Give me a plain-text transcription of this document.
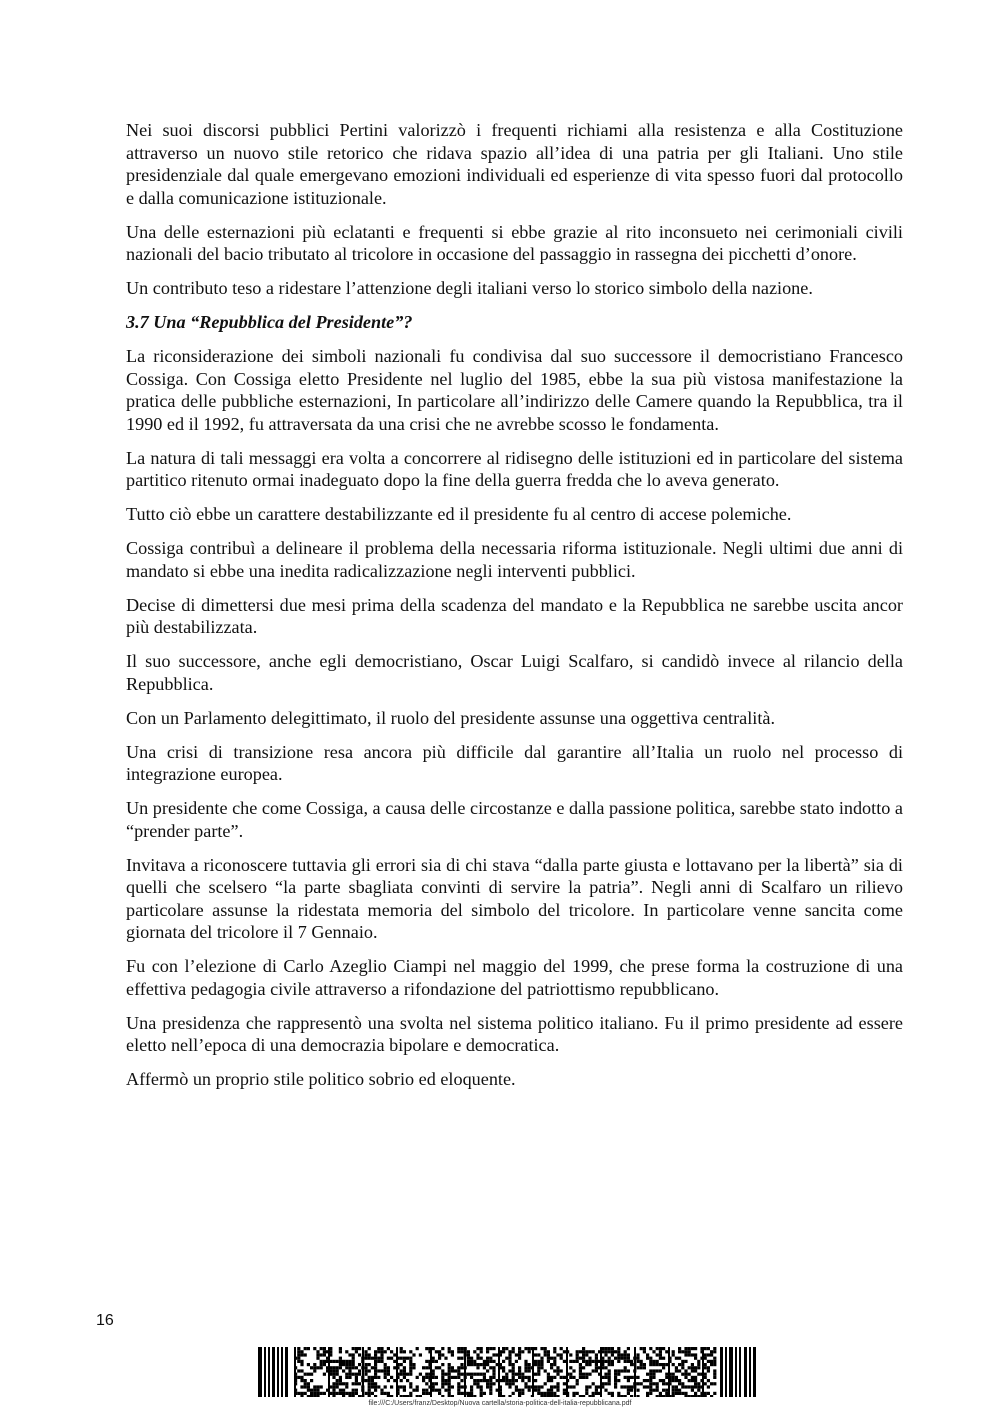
Nei suoi discorsi pubblici Pertini valorizzò i frequenti richiami alla resistenza e alla Costituzione attraverso un nuovo stile retorico che ridava spazio all’idea di una patria per gli Italiani. Uno stile presidenziale dal quale emergevano emozioni individuali ed esperienze di vita spesso fuori dal protocollo e dalla comunicazione istituzionale.

Una delle esternazioni più eclatanti e frequenti si ebbe grazie al rito inconsueto nei cerimoniali civili nazionali del bacio tributato al tricolore in occasione del passaggio in rassegna dei picchetti d’onore.

Un contributo teso a ridestare l’attenzione degli italiani verso lo storico simbolo della nazione.

3.7 Una “Repubblica del Presidente”?

La riconsiderazione dei simboli nazionali fu condivisa dal suo successore il democristiano Francesco Cossiga. Con Cossiga eletto Presidente nel luglio del 1985, ebbe la sua più vistosa manifestazione la pratica delle pubbliche esternazioni, In particolare all’indirizzo delle Camere quando la Repubblica, tra il 1990 ed il 1992, fu attraversata da una crisi che ne avrebbe scosso le fondamenta.

La natura di tali messaggi era volta a concorrere al ridisegno delle istituzioni ed in particolare del sistema partitico ritenuto ormai inadeguato dopo la fine della guerra fredda che lo aveva generato.

Tutto ciò ebbe un carattere destabilizzante ed il presidente fu al centro di accese polemiche.

Cossiga contribuì a delineare il problema della necessaria riforma istituzionale. Negli ultimi due anni di mandato si ebbe una inedita radicalizzazione negli interventi pubblici.

Decise di dimettersi due mesi prima della scadenza del mandato e la Repubblica ne sarebbe uscita ancor più destabilizzata.

Il suo successore, anche egli democristiano, Oscar Luigi Scalfaro, si candidò invece al rilancio della Repubblica.

Con un Parlamento delegittimato, il ruolo del presidente assunse una oggettiva centralità.

Una crisi di transizione resa ancora più difficile dal garantire all’Italia un ruolo nel processo di integrazione europea.

Un presidente che come Cossiga, a causa delle circostanze e dalla passione politica, sarebbe stato indotto a “prender parte”.

Invitava a riconoscere tuttavia gli errori sia di chi stava “dalla parte giusta e lottavano per la libertà” sia di quelli che scelsero “la parte sbagliata convinti di servire la patria”. Negli anni di Scalfaro un rilievo particolare assunse la ridestata memoria del simbolo del tricolore. In particolare venne sancita come giornata del tricolore il 7 Gennaio.

Fu con l’elezione di Carlo Azeglio Ciampi nel maggio del 1999, che prese forma la costruzione di una effettiva pedagogia civile attraverso a rifondazione del patriottismo repubblicano.

Una presidenza che rappresentò una svolta nel sistema politico italiano. Fu il primo presidente ad essere eletto nell’epoca di una democrazia bipolare e democratica.

Affermò un proprio stile politico sobrio ed eloquente.

16
file:///C:/Users/franz/Desktop/Nuova cartella/storia-politica-dell-italia-repubblicana.pdf
